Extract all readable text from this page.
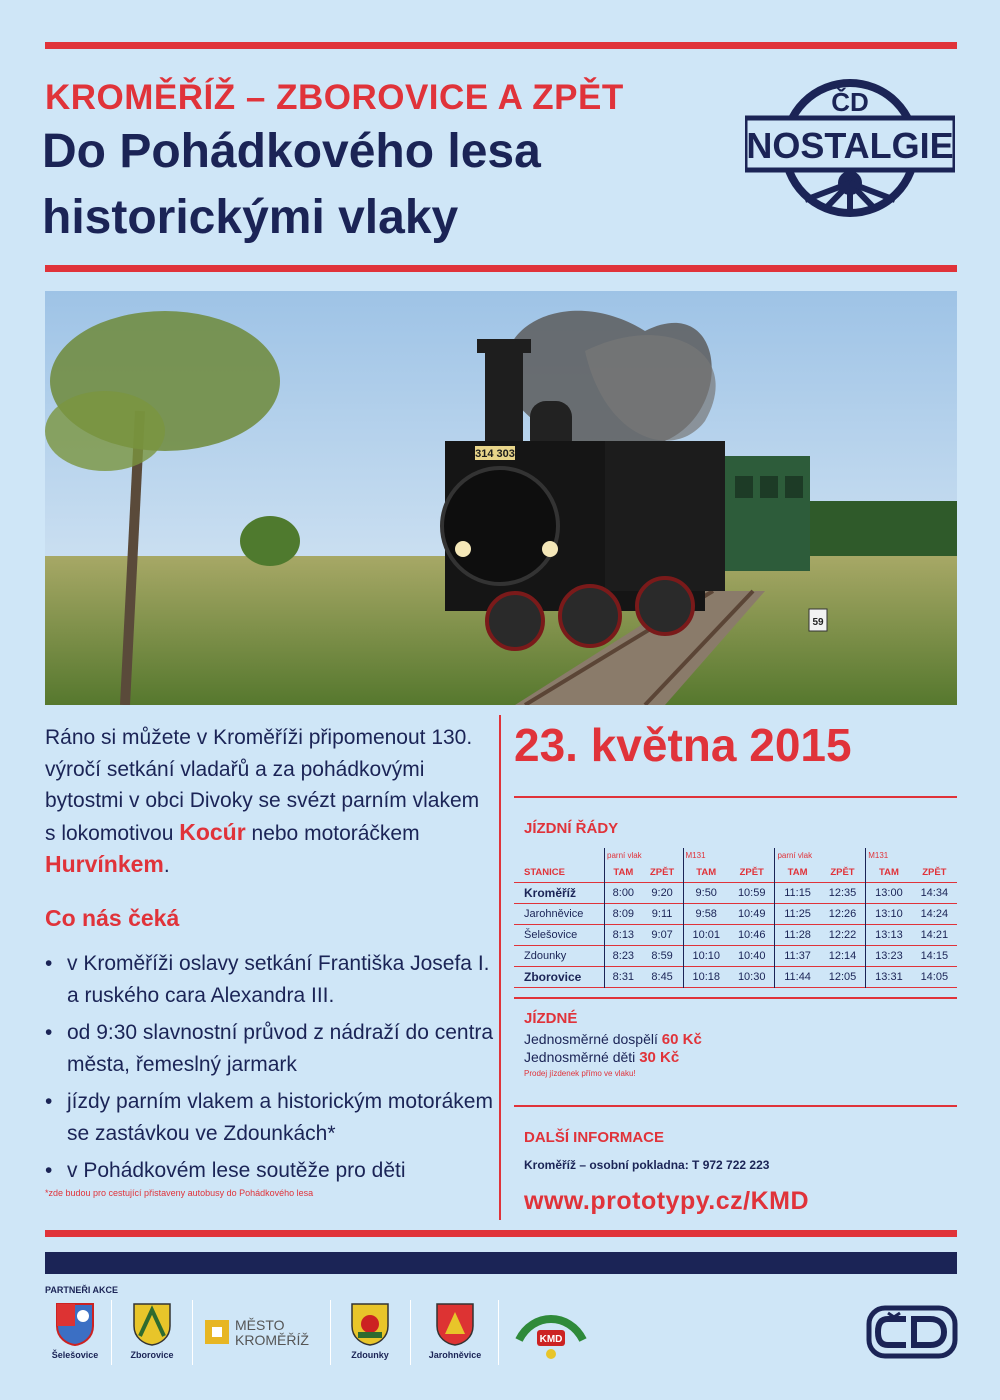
KROMĚŘÍŽ – ZBOROVICE A ZPĚT
Do Pohádkového lesa
historickými vlaky
ČD
NOSTALGIE
314 303
59
Ráno si můžete v Kroměříži připomenout 130. výročí setkání vladařů a za pohádkovými bytostmi v obci Divoky se svézt parním vlakem s lokomotivou Kocúr nebo motoráčkem Hurvínkem.
Co nás čeká
• v Kroměříži oslavy setkání Františka Josefa I. a ruského cara Alexandra III.
• od 9:30 slavnostní průvod z nádraží do centra města, řemeslný jarmark
• jízdy parním vlakem a historickým motorákem se zastávkou ve Zdounkách*
• v Pohádkovém lese soutěže pro děti
*zde budou pro cestující přistaveny autobusy do Pohádkového lesa
23. května 2015
JÍZDNÍ ŘÁDY
	parní vlak		M131		parní vlak		M131	
STANICE	TAM	ZPĚT	TAM	ZPĚT	TAM	ZPĚT	TAM	ZPĚT
Kroměříž	8:00	9:20	9:50	10:59	11:15	12:35	13:00	14:34
Jarohněvice	8:09	9:11	9:58	10:49	11:25	12:26	13:10	14:24
Šelešovice	8:13	9:07	10:01	10:46	11:28	12:22	13:13	14:21
Zdounky	8:23	8:59	10:10	10:40	11:37	12:14	13:23	14:15
Zborovice	8:31	8:45	10:18	10:30	11:44	12:05	13:31	14:05
JÍZDNÉ
Jednosměrné dospělí 60 Kč
Jednosměrné děti 30 Kč
Prodej jízdenek přímo ve vlaku!
DALŠÍ INFORMACE
Kroměříž – osobní pokladna: T 972 722 223
www.prototypy.cz/KMD
PARTNEŘI AKCE
Šelešovice	Zborovice
MĚSTO
KROMĚŘÍŽ
Zdounky	Jarohněvice
KMD
